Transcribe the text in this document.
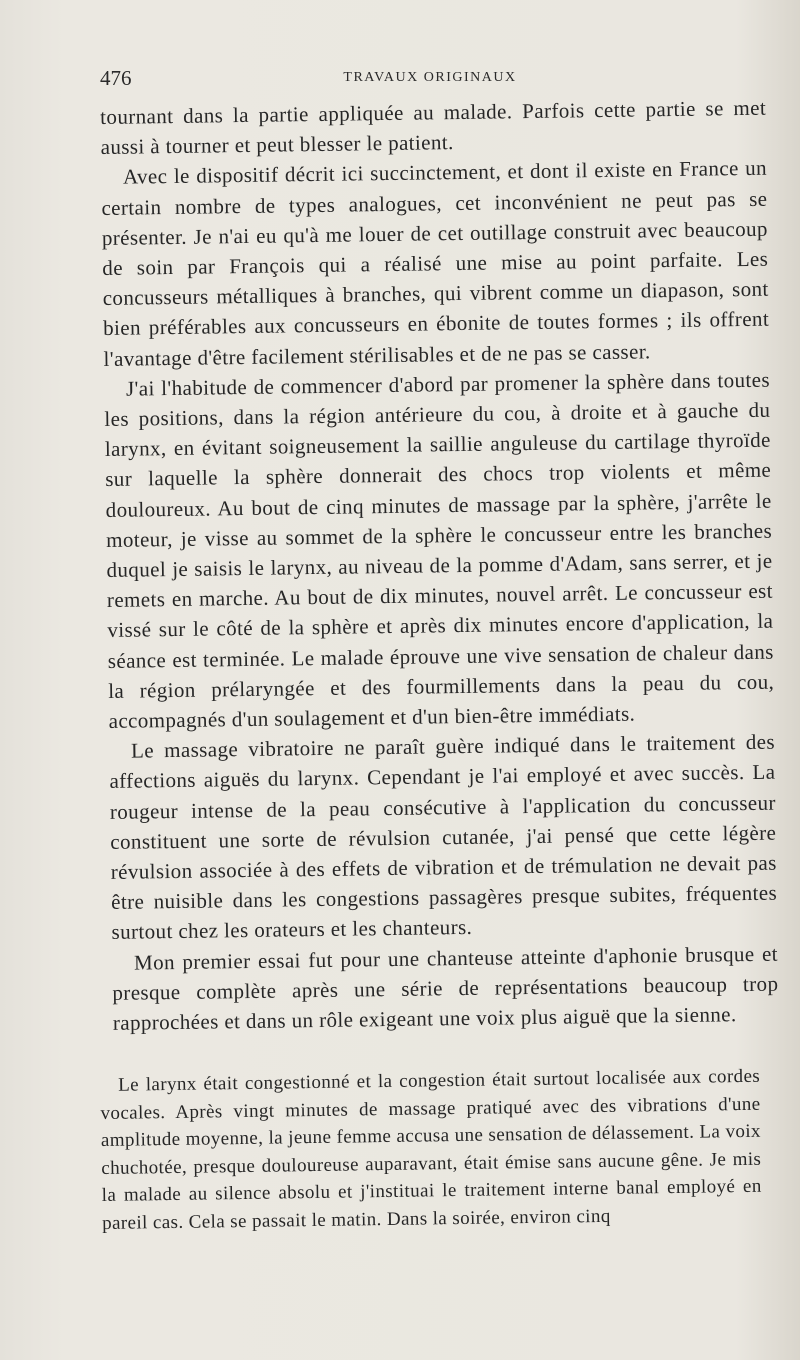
476	TRAVAUX ORIGINAUX

tournant dans la partie appliquée au malade. Parfois cette partie se met aussi à tourner et peut blesser le patient.

Avec le dispositif décrit ici succinctement, et dont il existe en France un certain nombre de types analogues, cet inconvénient ne peut pas se présenter. Je n'ai eu qu'à me louer de cet outillage construit avec beaucoup de soin par François qui a réalisé une mise au point parfaite. Les concusseurs métalliques à branches, qui vibrent comme un diapason, sont bien préférables aux concusseurs en ébonite de toutes formes ; ils offrent l'avantage d'être facilement stérilisables et de ne pas se casser.

J'ai l'habitude de commencer d'abord par promener la sphère dans toutes les positions, dans la région antérieure du cou, à droite et à gauche du larynx, en évitant soigneusement la saillie anguleuse du cartilage thyroïde sur laquelle la sphère donnerait des chocs trop violents et même douloureux. Au bout de cinq minutes de massage par la sphère, j'arrête le moteur, je visse au sommet de la sphère le concusseur entre les branches duquel je saisis le larynx, au niveau de la pomme d'Adam, sans serrer, et je remets en marche. Au bout de dix minutes, nouvel arrêt. Le concusseur est vissé sur le côté de la sphère et après dix minutes encore d'application, la séance est terminée. Le malade éprouve une vive sensation de chaleur dans la région prélaryngée et des fourmillements dans la peau du cou, accompagnés d'un soulagement et d'un bien-être immédiats.

Le massage vibratoire ne paraît guère indiqué dans le traitement des affections aiguës du larynx. Cependant je l'ai employé et avec succès. La rougeur intense de la peau consécutive à l'application du concusseur constituent une sorte de révulsion cutanée, j'ai pensé que cette légère révulsion associée à des effets de vibration et de trémulation ne devait pas être nuisible dans les congestions passagères presque subites, fréquentes surtout chez les orateurs et les chanteurs.

Mon premier essai fut pour une chanteuse atteinte d'aphonie brusque et presque complète après une série de représentations beaucoup trop rapprochées et dans un rôle exigeant une voix plus aiguë que la sienne.

Le larynx était congestionné et la congestion était surtout localisée aux cordes vocales. Après vingt minutes de massage pratiqué avec des vibrations d'une amplitude moyenne, la jeune femme accusa une sensation de délassement. La voix chuchotée, presque douloureuse auparavant, était émise sans aucune gêne. Je mis la malade au silence absolu et j'instituai le traitement interne banal employé en pareil cas. Cela se passait le matin. Dans la soirée, environ cinq
